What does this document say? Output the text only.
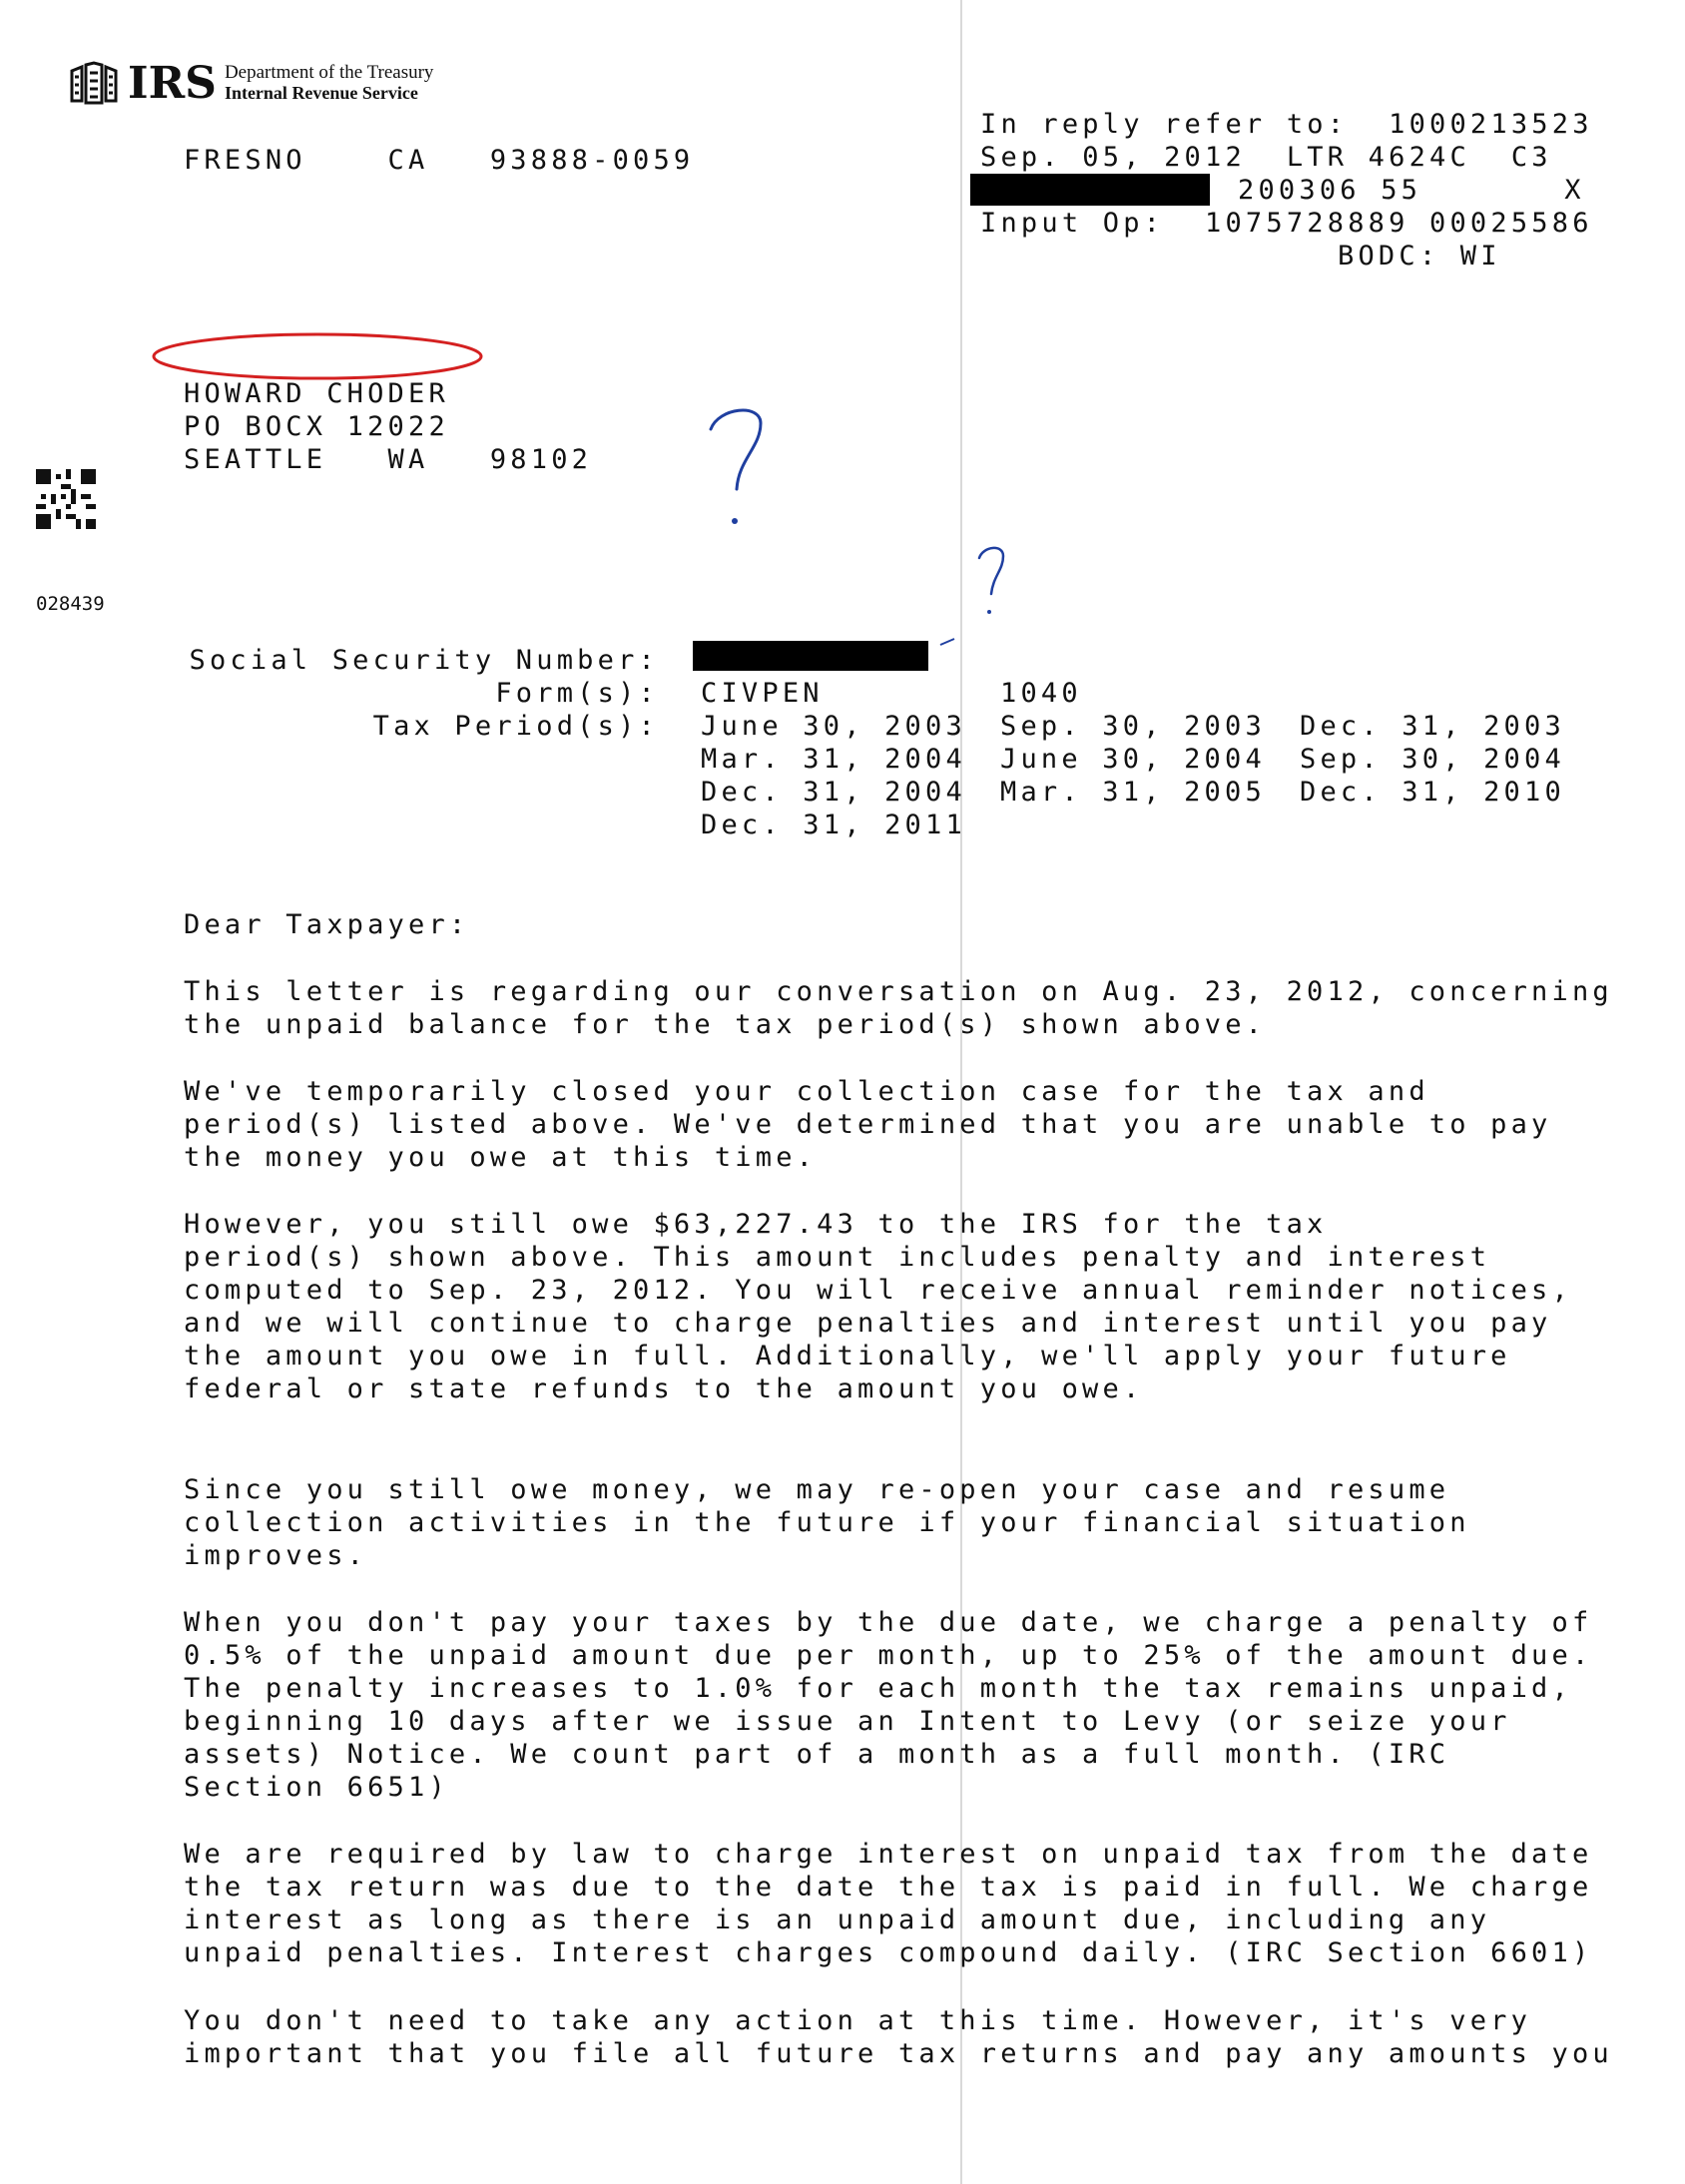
IRS Department of the Treasury
Internal Revenue Service
FRESNO    CA   93888-0059
In reply refer to:  1000213523
Sep. 05, 2012  LTR 4624C  C3
200306 55       X
Input Op:  1075728889 00025586
BODC: WI
HOWARD CHODER
PO BOCX 12022
SEATTLE   WA   98102
028439
Social Security Number:
Form(s): CIVPEN	1040
Tax Period(s): June 30, 2003 Sep. 30, 2003 Dec. 31, 2003
Mar. 31, 2004 June 30, 2004 Sep. 30, 2004
Dec. 31, 2004 Mar. 31, 2005 Dec. 31, 2010
Dec. 31, 2011
Dear Taxpayer:

This letter is regarding our conversation on Aug. 23, 2012, concerning
the unpaid balance for the tax period(s) shown above.

We've temporarily closed your collection case for the tax and
period(s) listed above. We've determined that you are unable to pay
the money you owe at this time.

However, you still owe $63,227.43 to the IRS for the tax
period(s) shown above. This amount includes penalty and interest
computed to Sep. 23, 2012. You will receive annual reminder notices,
and we will continue to charge penalties and interest until you pay
the amount you owe in full. Additionally, we'll apply your future
federal or state refunds to the amount you owe.

Since you still owe money, we may re-open your case and resume
collection activities in the future if your financial situation
improves.

When you don't pay your taxes by the due date, we charge a penalty of
0.5% of the unpaid amount due per month, up to 25% of the amount due.
The penalty increases to 1.0% for each month the tax remains unpaid,
beginning 10 days after we issue an Intent to Levy (or seize your
assets) Notice. We count part of a month as a full month. (IRC
Section 6651)

We are required by law to charge interest on unpaid tax from the date
the tax return was due to the date the tax is paid in full. We charge
interest as long as there is an unpaid amount due, including any
unpaid penalties. Interest charges compound daily. (IRC Section 6601)

You don't need to take any action at this time. However, it's very
important that you file all future tax returns and pay any amounts you
